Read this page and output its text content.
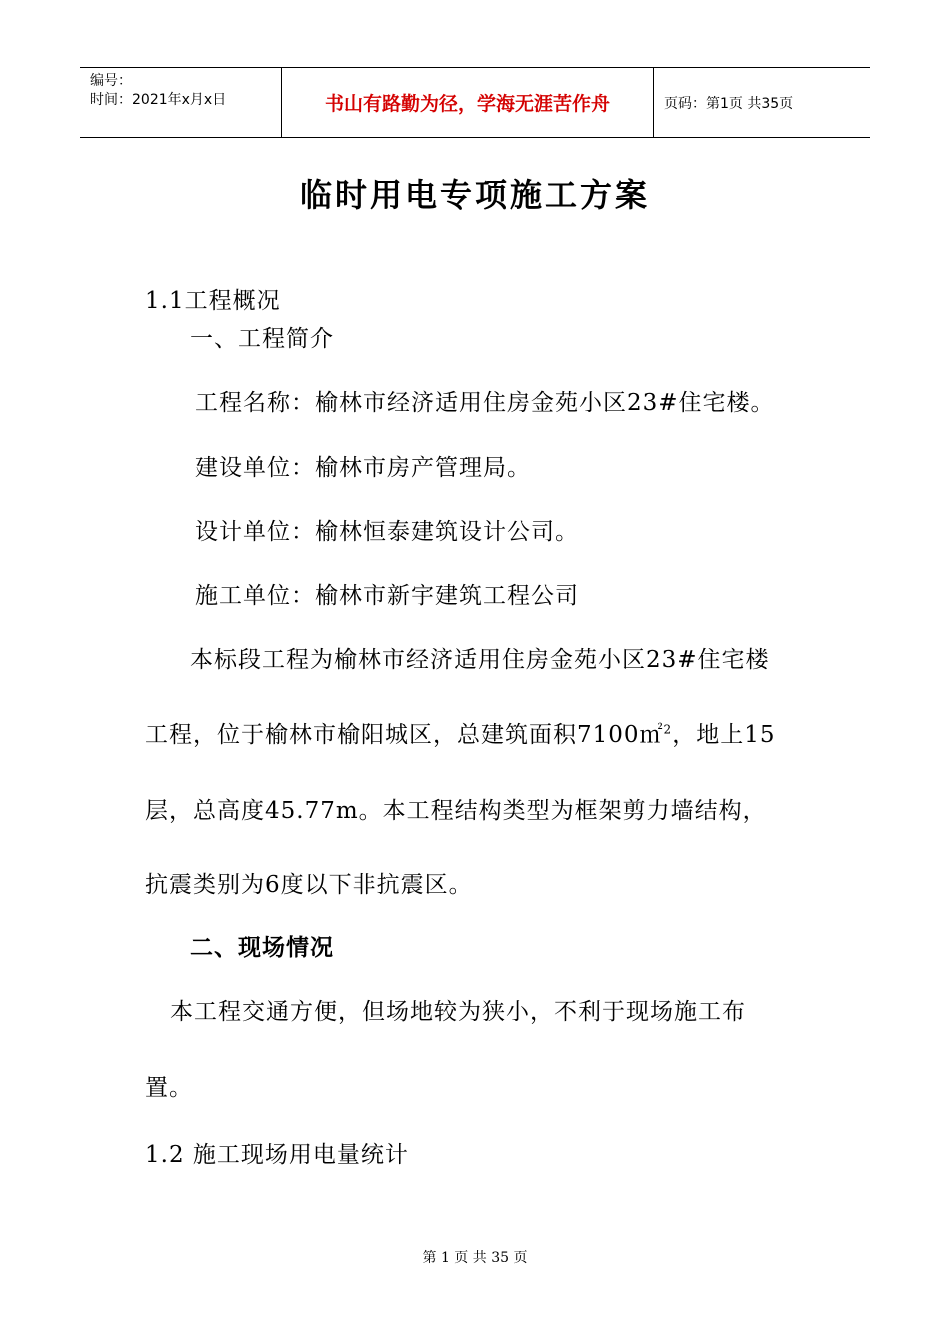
编号：
时间：2021年x月x日	书山有路勤为径，学海无涯苦作舟	页码：第1页 共35页
临时用电专项施工方案
1.1工程概况
一、工程简介
工程名称：榆林市经济适用住房金苑小区23#住宅楼。
建设单位：榆林市房产管理局。
设计单位：榆林恒泰建筑设计公司。
施工单位：榆林市新宇建筑工程公司
本标段工程为榆林市经济适用住房金苑小区23#住宅楼
工程，位于榆林市榆阳城区，总建筑面积7100㎡$^2$，地上15
层，总高度45.77m。本工程结构类型为框架剪力墙结构，
抗震类别为6度以下非抗震区。
二、现场情况
本工程交通方便，但场地较为狭小，不利于现场施工布
置。
1.2 施工现场用电量统计
第 1 页 共 35 页
